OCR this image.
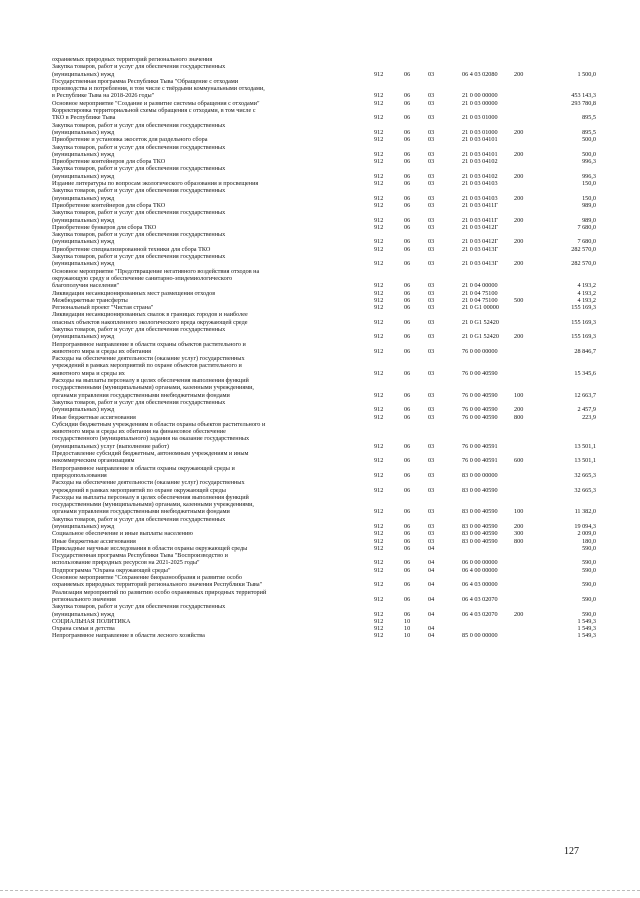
охраняемых природных территорий регионального значения						
Закупка товаров, работ и услуг для обеспечения государственных
(муниципальных) нужд	912	06	03	06 4 03 02080	200	1 500,0
Государственная программа Республики Тыва "Обращение с отходами
производства и потребления, в том числе с твёрдыми коммунальными отходами,
в Республике Тыва на 2018-2026 годы"	912	06	03	21 0 00 00000		453 143,3
Основное мероприятие "Создание и развитие системы обращения с отходами"	912	06	03	21 0 03 00000		293 780,8
Корректировка территориальной схемы обращения с отходами, в том числе с
ТКО в Республике Тыва	912	06	03	21 0 03 01000		895,5
Закупка товаров, работ и услуг для обеспечения государственных
(муниципальных) нужд	912	06	03	21 0 03 01000	200	895,5
Приобретение и установка экосеток для раздельного сбора	912	06	03	21 0 03 04101		500,0
Закупка товаров, работ и услуг для обеспечения государственных
(муниципальных) нужд	912	06	03	21 0 03 04101	200	500,0
Приобретение контейнеров для сбора ТКО	912	06	03	21 0 03 04102		996,3
Закупка товаров, работ и услуг для обеспечения государственных
(муниципальных) нужд	912	06	03	21 0 03 04102	200	996,3
Издание литературы по вопросам экологического образования и просвещения	912	06	03	21 0 03 04103		150,0
Закупка товаров, работ и услуг для обеспечения государственных
(муниципальных) нужд	912	06	03	21 0 03 04103	200	150,0
Приобретение контейнеров для сбора ТКО	912	06	03	21 0 03 0411Г		989,0
Закупка товаров, работ и услуг для обеспечения государственных
(муниципальных) нужд	912	06	03	21 0 03 0411Г	200	989,0
Приобретение бункеров для сбора ТКО	912	06	03	21 0 03 0412Г		7 680,0
Закупка товаров, работ и услуг для обеспечения государственных
(муниципальных) нужд	912	06	03	21 0 03 0412Г	200	7 680,0
Приобретение специализированной техники для сбора ТКО	912	06	03	21 0 03 0413Г		282 570,0
Закупка товаров, работ и услуг для обеспечения государственных
(муниципальных) нужд	912	06	03	21 0 03 0413Г	200	282 570,0
Основное мероприятие "Предотвращение негативного воздействия отходов на
окружающую среду и обеспечение санитарно-эпидемиологического
благополучия населения"	912	06	03	21 0 04 00000		4 193,2
Ликвидация несанкционированных мест размещения отходов	912	06	03	21 0 04 75100		4 193,2
Межбюджетные трансферты	912	06	03	21 0 04 75100	500	4 193,2
Региональный проект "Чистая страна"	912	06	03	21 0 G1 00000		155 169,3
Ликвидация несанкционированных свалок в границах городов и наиболее
опасных объектов накопленного экологического вреда окружающей среде	912	06	03	21 0 G1 52420		155 169,3
Закупка товаров, работ и услуг для обеспечения государственных
(муниципальных) нужд	912	06	03	21 0 G1 52420	200	155 169,3
Непрограммное направление в области охраны объектов растительного и
животного мира и среды их обитания	912	06	03	76 0 00 00000		28 846,7
Расходы на обеспечение деятельности (оказание услуг) государственных
учреждений в рамках мероприятий по охране объектов растительного и
животного мира и среды их	912	06	03	76 0 00 40590		15 345,6
Расходы на выплаты персоналу в целях обеспечения выполнения функций
государственными (муниципальными) органами, казенными учреждениями,
органами управления государственными внебюджетными фондами	912	06	03	76 0 00 40590	100	12 663,7
Закупка товаров, работ и услуг для обеспечения государственных
(муниципальных) нужд	912	06	03	76 0 00 40590	200	2 457,9
Иные бюджетные ассигнования	912	06	03	76 0 00 40590	800	223,9
Субсидии бюджетным учреждениям в области охраны объектов растительного и
животного мира и среды их обитания на финансовое обеспечение
государственного (муниципального) задания на оказание государственных
(муниципальных) услуг (выполнение работ)	912	06	03	76 0 00 40591		13 501,1
Предоставление субсидий бюджетным, автономным учреждениям и иным
некоммерческим организациям	912	06	03	76 0 00 40591	600	13 501,1
Непрограммное направление в области охраны окружающей среды и
природопользования	912	06	03	83 0 00 00000		32 665,3
Расходы на обеспечение деятельности (оказание услуг) государственных
учреждений в рамках мероприятий по охране окружающей среды	912	06	03	83 0 00 40590		32 665,3
Расходы на выплаты персоналу в целях обеспечения выполнения функций
государственными (муниципальными) органами, казенными учреждениями,
органами управления государственными внебюджетными фондами	912	06	03	83 0 00 40590	100	11 382,0
Закупка товаров, работ и услуг для обеспечения государственных
(муниципальных) нужд	912	06	03	83 0 00 40590	200	19 094,3
Социальное обеспечение и иные выплаты населению	912	06	03	83 0 00 40590	300	2 009,0
Иные бюджетные ассигнования	912	06	03	83 0 00 40590	800	180,0
Прикладные научные исследования в области охраны окружающей среды	912	06	04			590,0
Государственная программа Республики Тыва "Воспроизводство и
использование природных ресурсов на 2021-2025 годы"	912	06	04	06 0 00 00000		590,0
Подпрограмма "Охрана окружающей среды"	912	06	04	06 4 00 00000		590,0
Основное мероприятие "Сохранение биоразнообразия и развитие особо
охраняемых природных территорий регионального значения Республики Тыва"	912	06	04	06 4 03 00000		590,0
Реализация мероприятий по развитию особо охраняемых природных территорий
регионального значения	912	06	04	06 4 03 02070		590,0
Закупка товаров, работ и услуг для обеспечения государственных
(муниципальных) нужд	912	06	04	06 4 03 02070	200	590,0
СОЦИАЛЬНАЯ ПОЛИТИКА	912	10				1 549,3
Охрана семьи и детства	912	10	04			1 549,3
Непрограммное направление в области лесного хозяйства	912	10	04	85 0 00 00000		1 549,3
127
